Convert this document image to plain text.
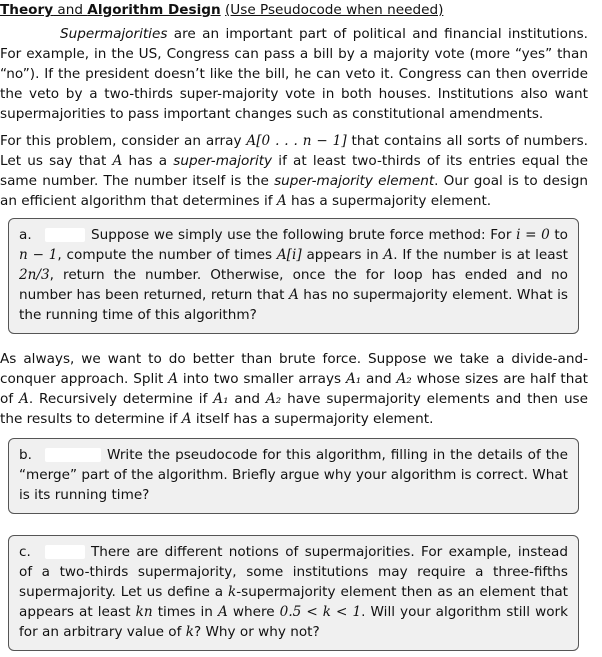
Theory and Algorithm Design (Use Pseudocode when needed)

Supermajorities are an important part of political and financial institutions. For example, in the US, Congress can pass a bill by a majority vote (more “yes” than “no”). If the president doesn’t like the bill, he can veto it. Congress can then override the veto by a two-thirds super-majority vote in both houses. Institutions also want supermajorities to pass important changes such as constitutional amendments.

For this problem, consider an array A[0 . . . n − 1] that contains all sorts of numbers. Let us say that A has a super-majority if at least two-thirds of its entries equal the same number. The number itself is the super-majority element. Our goal is to design an efficient algorithm that determines if A has a supermajority element.

a.	Suppose we simply use the following brute force method: For i = 0 to n − 1, compute the number of times A[i] appears in A. If the number is at least 2n/3, return the number. Otherwise, once the for loop has ended and no number has been returned, return that A has no supermajority element. What is the running time of this algorithm?

As always, we want to do better than brute force. Suppose we take a divide-and-conquer approach. Split A into two smaller arrays A₁ and A₂ whose sizes are half that of A. Recursively determine if A₁ and A₂ have supermajority elements and then use the results to determine if A itself has a supermajority element.

b.	Write the pseudocode for this algorithm, filling in the details of the “merge” part of the algorithm. Briefly argue why your algorithm is correct. What is its running time?
c.	There are different notions of supermajorities. For example, instead of a two-thirds supermajority, some institutions may require a three-fifths supermajority. Let us define a k-supermajority element then as an element that appears at least kn times in A where 0.5 < k < 1. Will your algorithm still work for an arbitrary value of k? Why or why not?
